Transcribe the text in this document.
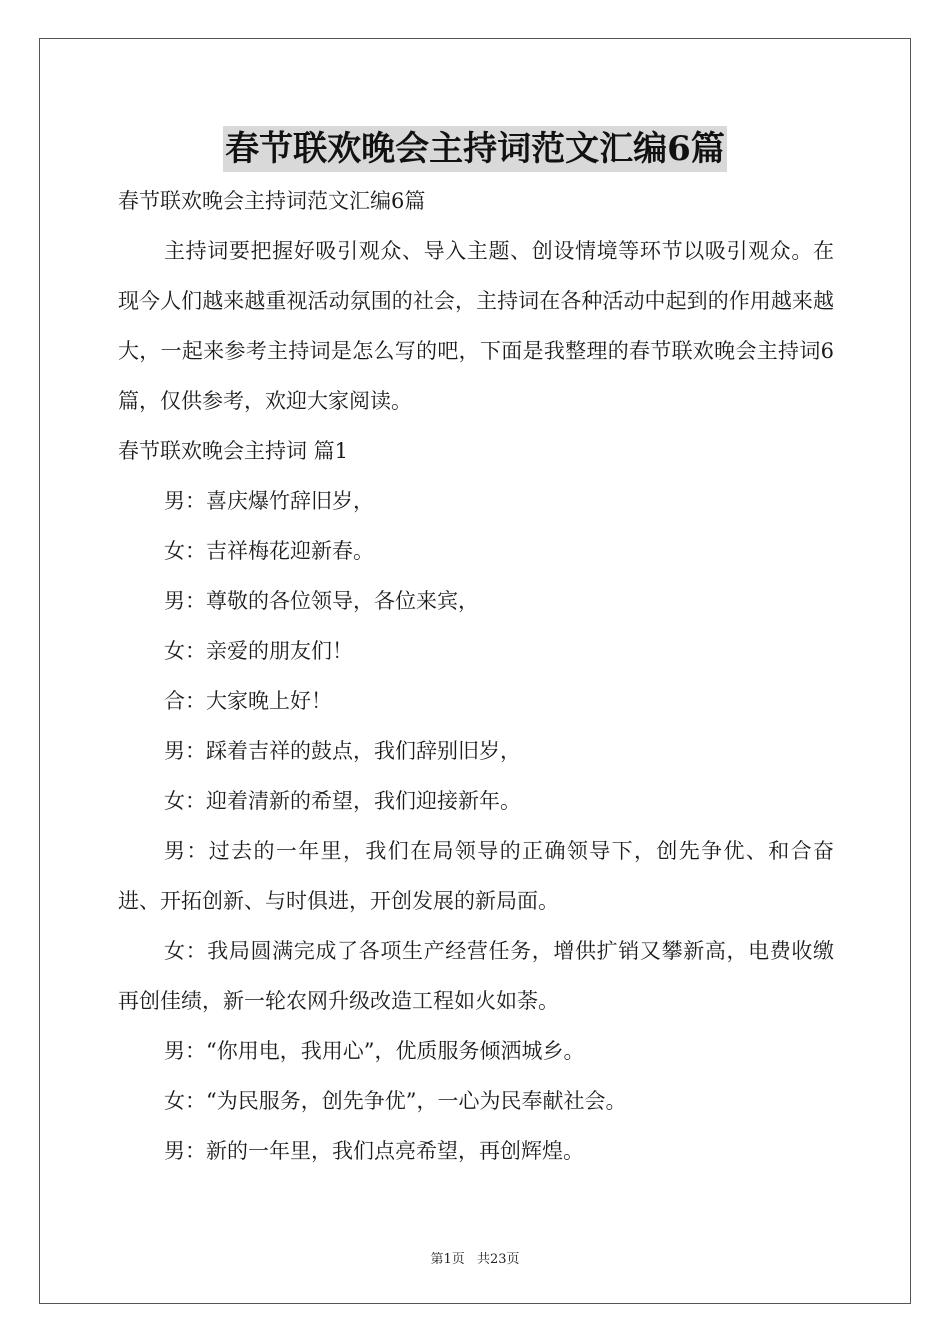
春节联欢晚会主持词范文汇编6篇

春节联欢晚会主持词范文汇编6篇

主持词要把握好吸引观众、导入主题、创设情境等环节以吸引观众。在现今人们越来越重视活动氛围的社会，主持词在各种活动中起到的作用越来越大，一起来参考主持词是怎么写的吧，下面是我整理的春节联欢晚会主持词6篇，仅供参考，欢迎大家阅读。

春节联欢晚会主持词 篇1

男：喜庆爆竹辞旧岁，

女：吉祥梅花迎新春。

男：尊敬的各位领导，各位来宾，

女：亲爱的朋友们！

合：大家晚上好！

男：踩着吉祥的鼓点，我们辞别旧岁，

女：迎着清新的希望，我们迎接新年。

男：过去的一年里，我们在局领导的正确领导下，创先争优、和合奋进、开拓创新、与时俱进，开创发展的新局面。

女：我局圆满完成了各项生产经营任务，增供扩销又攀新高，电费收缴再创佳绩，新一轮农网升级改造工程如火如荼。

男：“你用电，我用心”，优质服务倾洒城乡。

女：“为民服务，创先争优”，一心为民奉献社会。

男：新的一年里，我们点亮希望，再创辉煌。

第1页 共23页
